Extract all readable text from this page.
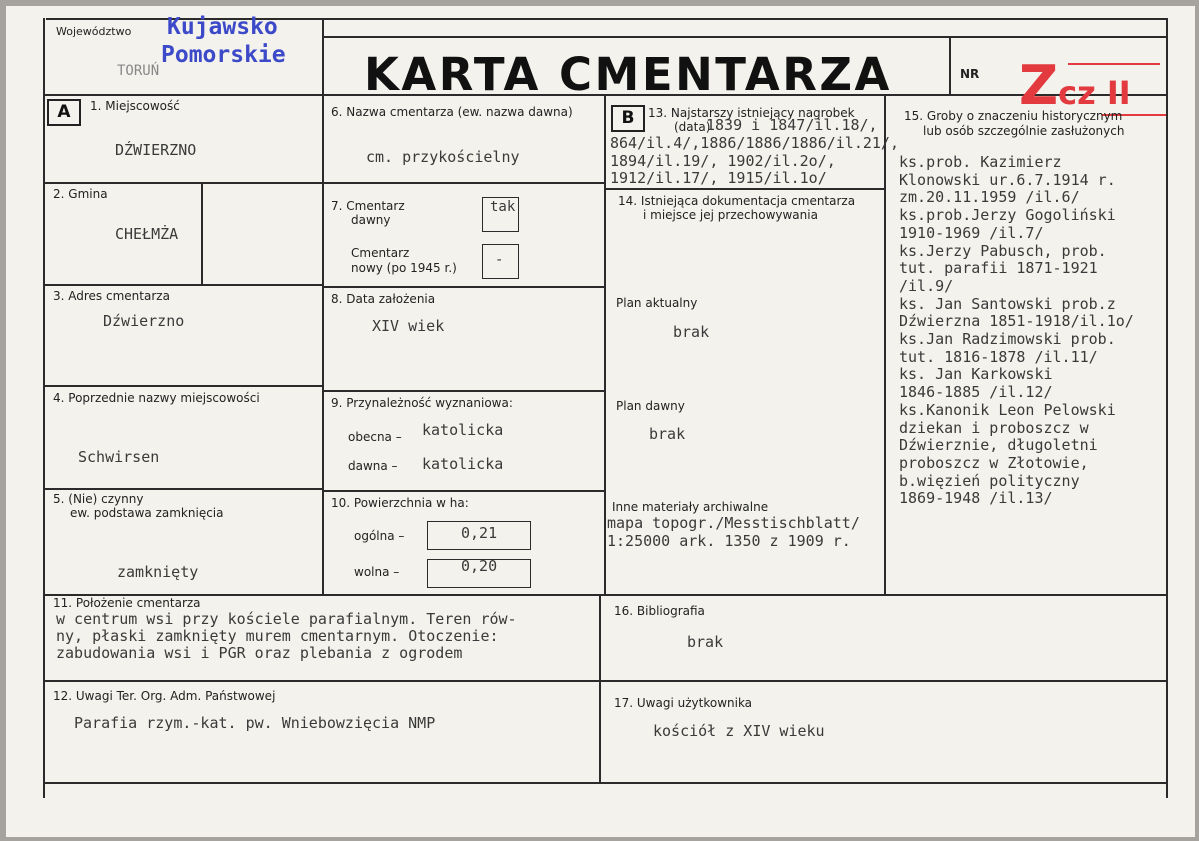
Województwo Kujawsko
Pomorskie
TORUŃ	KARTA CMENTARZA	NR Zcz II
A	B
1. Miejscowość
DŹWIERZNO
2. Gmina
CHEŁMŻA
3. Adres cmentarza
Dźwierzno
4. Poprzednie nazwy miejscowości
Schwirsen
5. (Nie) czynny
ew. podstawa zamknięcia
zamknięty
6. Nazwa cmentarza (ew. nazwa dawna)
cm. przykościelny
7. Cmentarz
dawny
tak
Cmentarz
nowy (po 1945 r.)	-
8. Data założenia
XIV wiek
9. Przynależność wyznaniowa:
obecna – katolicka
dawna – katolicka
10. Powierzchnia w ha:
ogólna –	0,21
wolna –	0,20
13. Najstarszy istniejący nagrobek
(data)
1839 i 1847/il.18/,
864/il.4/,1886/1886/1886/il.21/,
1894/il.19/, 1902/il.2o/,
1912/il.17/, 1915/il.1o/
14. Istniejąca dokumentacja cmentarza
i miejsce jej przechowywania
Plan aktualny
brak
Plan dawny
brak
Inne materiały archiwalne
mapa topogr./Messtischblatt/
1:25000 ark. 1350 z 1909 r.
15. Groby o znaczeniu historycznym
lub osób szczególnie zasłużonych
ks.prob. Kazimierz
Klonowski ur.6.7.1914 r.
zm.20.11.1959 /il.6/
ks.prob.Jerzy Gogoliński
1910-1969 /il.7/
ks.Jerzy Pabusch, prob.
tut. parafii 1871-1921
/il.9/
ks. Jan Santowski prob.z
Dźwierzna 1851-1918/il.1o/
ks.Jan Radzimowski prob.
tut. 1816-1878 /il.11/
ks. Jan Karkowski
1846-1885 /il.12/
ks.Kanonik Leon Pelowski
dziekan i proboszcz w
Dźwierznie, długoletni
proboszcz w Złotowie,
b.więzień polityczny
1869-1948 /il.13/
11. Położenie cmentarza
w centrum wsi przy kościele parafialnym. Teren rów-
ny, płaski zamknięty murem cmentarnym. Otoczenie:
zabudowania wsi i PGR oraz plebania z ogrodem
16. Bibliografia
brak
12. Uwagi Ter. Org. Adm. Państwowej
Parafia rzym.-kat. pw. Wniebowzięcia NMP
17. Uwagi użytkownika
kościół z XIV wieku
